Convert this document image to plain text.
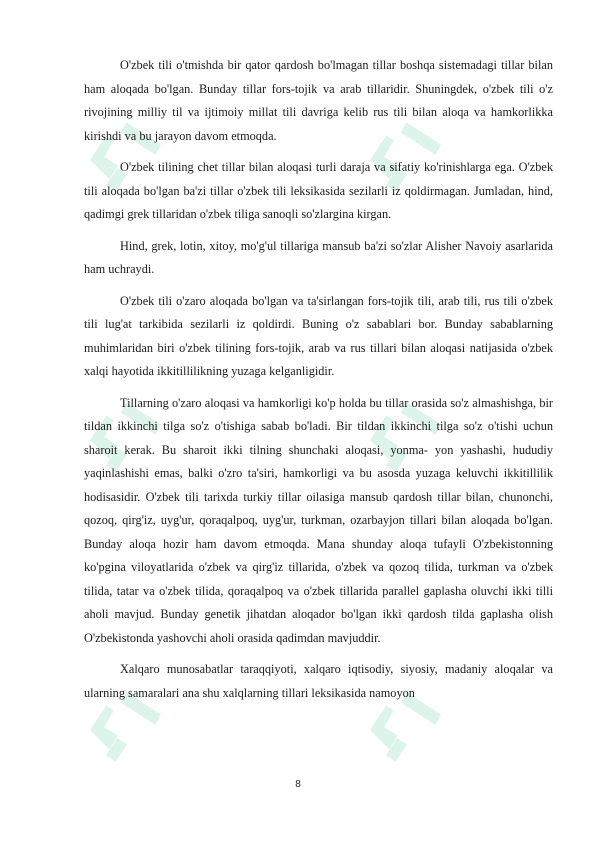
O'zbek tili o'tmishda bir qator qardosh bo'lmagan tillar boshqa sistemadagi tillar bilan ham aloqada bo'lgan. Bunday tillar fors-tojik va arab tillaridir. Shuningdek, o'zbek tili o'z rivojining milliy til va ijtimoiy millat tili davriga kelib rus tili bilan aloqa va hamkorlikka kirishdi va bu jarayon davom etmoqda.

O'zbek tilining chet tillar bilan aloqasi turli daraja va sifatiy ko'rinishlarga ega. O'zbek tili aloqada bo'lgan ba'zi tillar o'zbek tili leksikasida sezilarli iz qoldirmagan. Jumladan, hind, qadimgi grek tillaridan o'zbek tiliga sanoqli so'zlargina kirgan.

Hind, grek, lotin, xitoy, mo'g'ul tillariga mansub ba'zi so'zlar Alisher Navoiy asarlarida ham uchraydi.

O'zbek tili o'zaro aloqada bo'lgan va ta'sirlangan fors-tojik tili, arab tili, rus tili o'zbek tili lug'at tarkibida sezilarli iz qoldirdi. Buning o'z sabablari bor. Bunday sabablarning muhimlaridan biri o'zbek tilining fors-tojik, arab va rus tillari bilan aloqasi natijasida o'zbek xalqi hayotida ikkitillilikning yuzaga kelganligidir.

Tillarning o'zaro aloqasi va hamkorligi ko'p holda bu tillar orasida so'z almashishga, bir tildan ikkinchi tilga so'z o'tishiga sabab bo'ladi. Bir tildan ikkinchi tilga so'z o'tishi uchun sharoit kerak. Bu sharoit ikki tilning shunchaki aloqasi, yonma- yon yashashi, hududiy yaqinlashishi emas, balki o'zro ta'siri, hamkorligi va bu asosda yuzaga keluvchi ikkitillilik hodisasidir. O'zbek tili tarixda turkiy tillar oilasiga mansub qardosh tillar bilan, chunonchi, qozoq, qirg'iz, uyg'ur, qoraqalpoq, uyg'ur, turkman, ozarbayjon tillari bilan aloqada bo'lgan. Bunday aloqa hozir ham davom etmoqda. Mana shunday aloqa tufayli O'zbekistonning ko'pgina viloyatlarida o'zbek va qirg'iz tillarida, o'zbek va qozoq tilida, turkman va o'zbek tilida, tatar va o'zbek tilida, qoraqalpoq va o'zbek tillarida parallel gaplasha oluvchi ikki tilli aholi mavjud. Bunday genetik jihatdan aloqador bo'lgan ikki qardosh tilda gaplasha olish O'zbekistonda yashovchi aholi orasida qadimdan mavjuddir.

Xalqaro munosabatlar taraqqiyoti, xalqaro iqtisodiy, siyosiy, madaniy aloqalar va ularning samaralari ana shu xalqlarning tillari leksikasida namoyon

8
